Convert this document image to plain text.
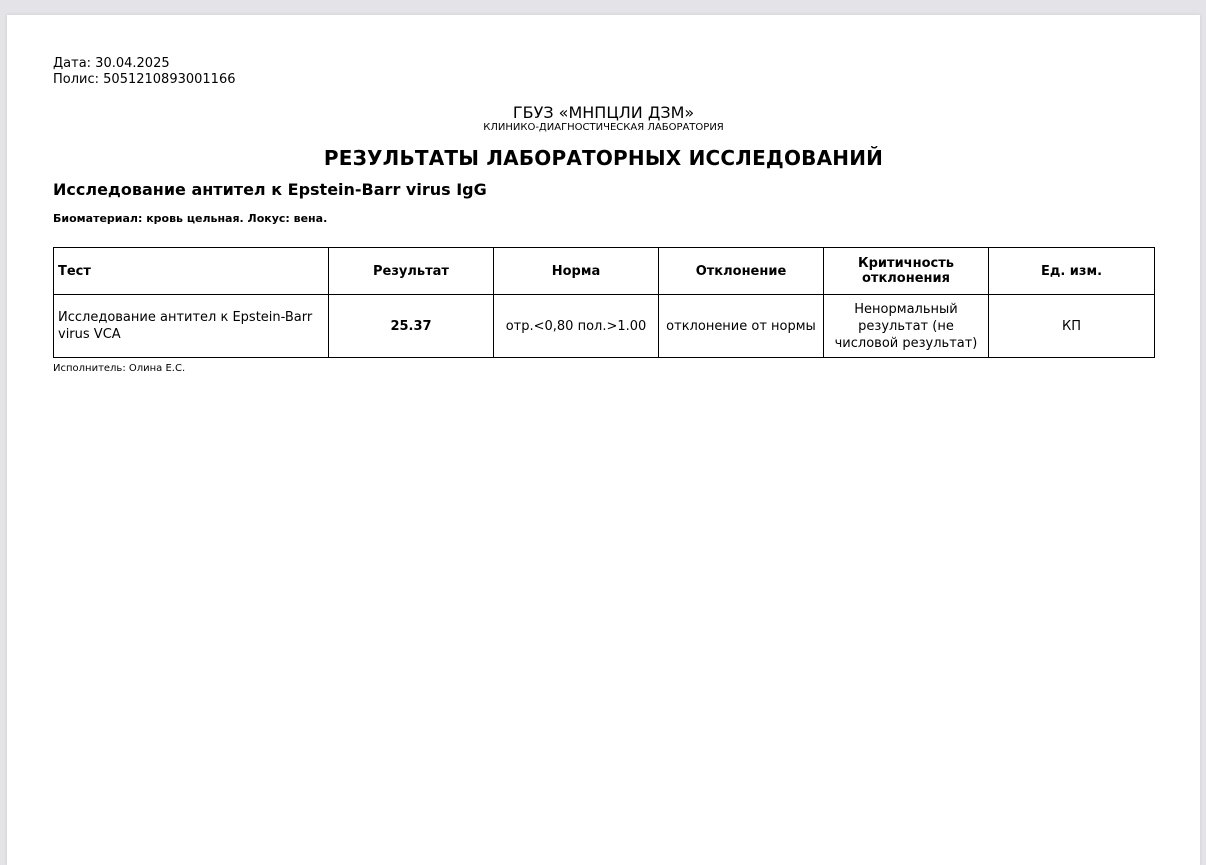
Дата: 30.04.2025
Полис: 5051210893001166
ГБУЗ «МНПЦЛИ ДЗМ»
КЛИНИКО-ДИАГНОСТИЧЕСКАЯ ЛАБОРАТОРИЯ
РЕЗУЛЬТАТЫ ЛАБОРАТОРНЫХ ИССЛЕДОВАНИЙ
Исследование антител к Epstein-Barr virus IgG
Биоматериал: кровь цельная. Локус: вена.
Тест	Результат	Норма	Отклонение	Критичность отклонения	Ед. изм.
Исследование антител к Epstein-Barr virus VCA	25.37	отр.<0,80 пол.>1.00	отклонение от нормы	Ненормальный результат (не числовой результат)	КП
Исполнитель: Олина Е.С.
